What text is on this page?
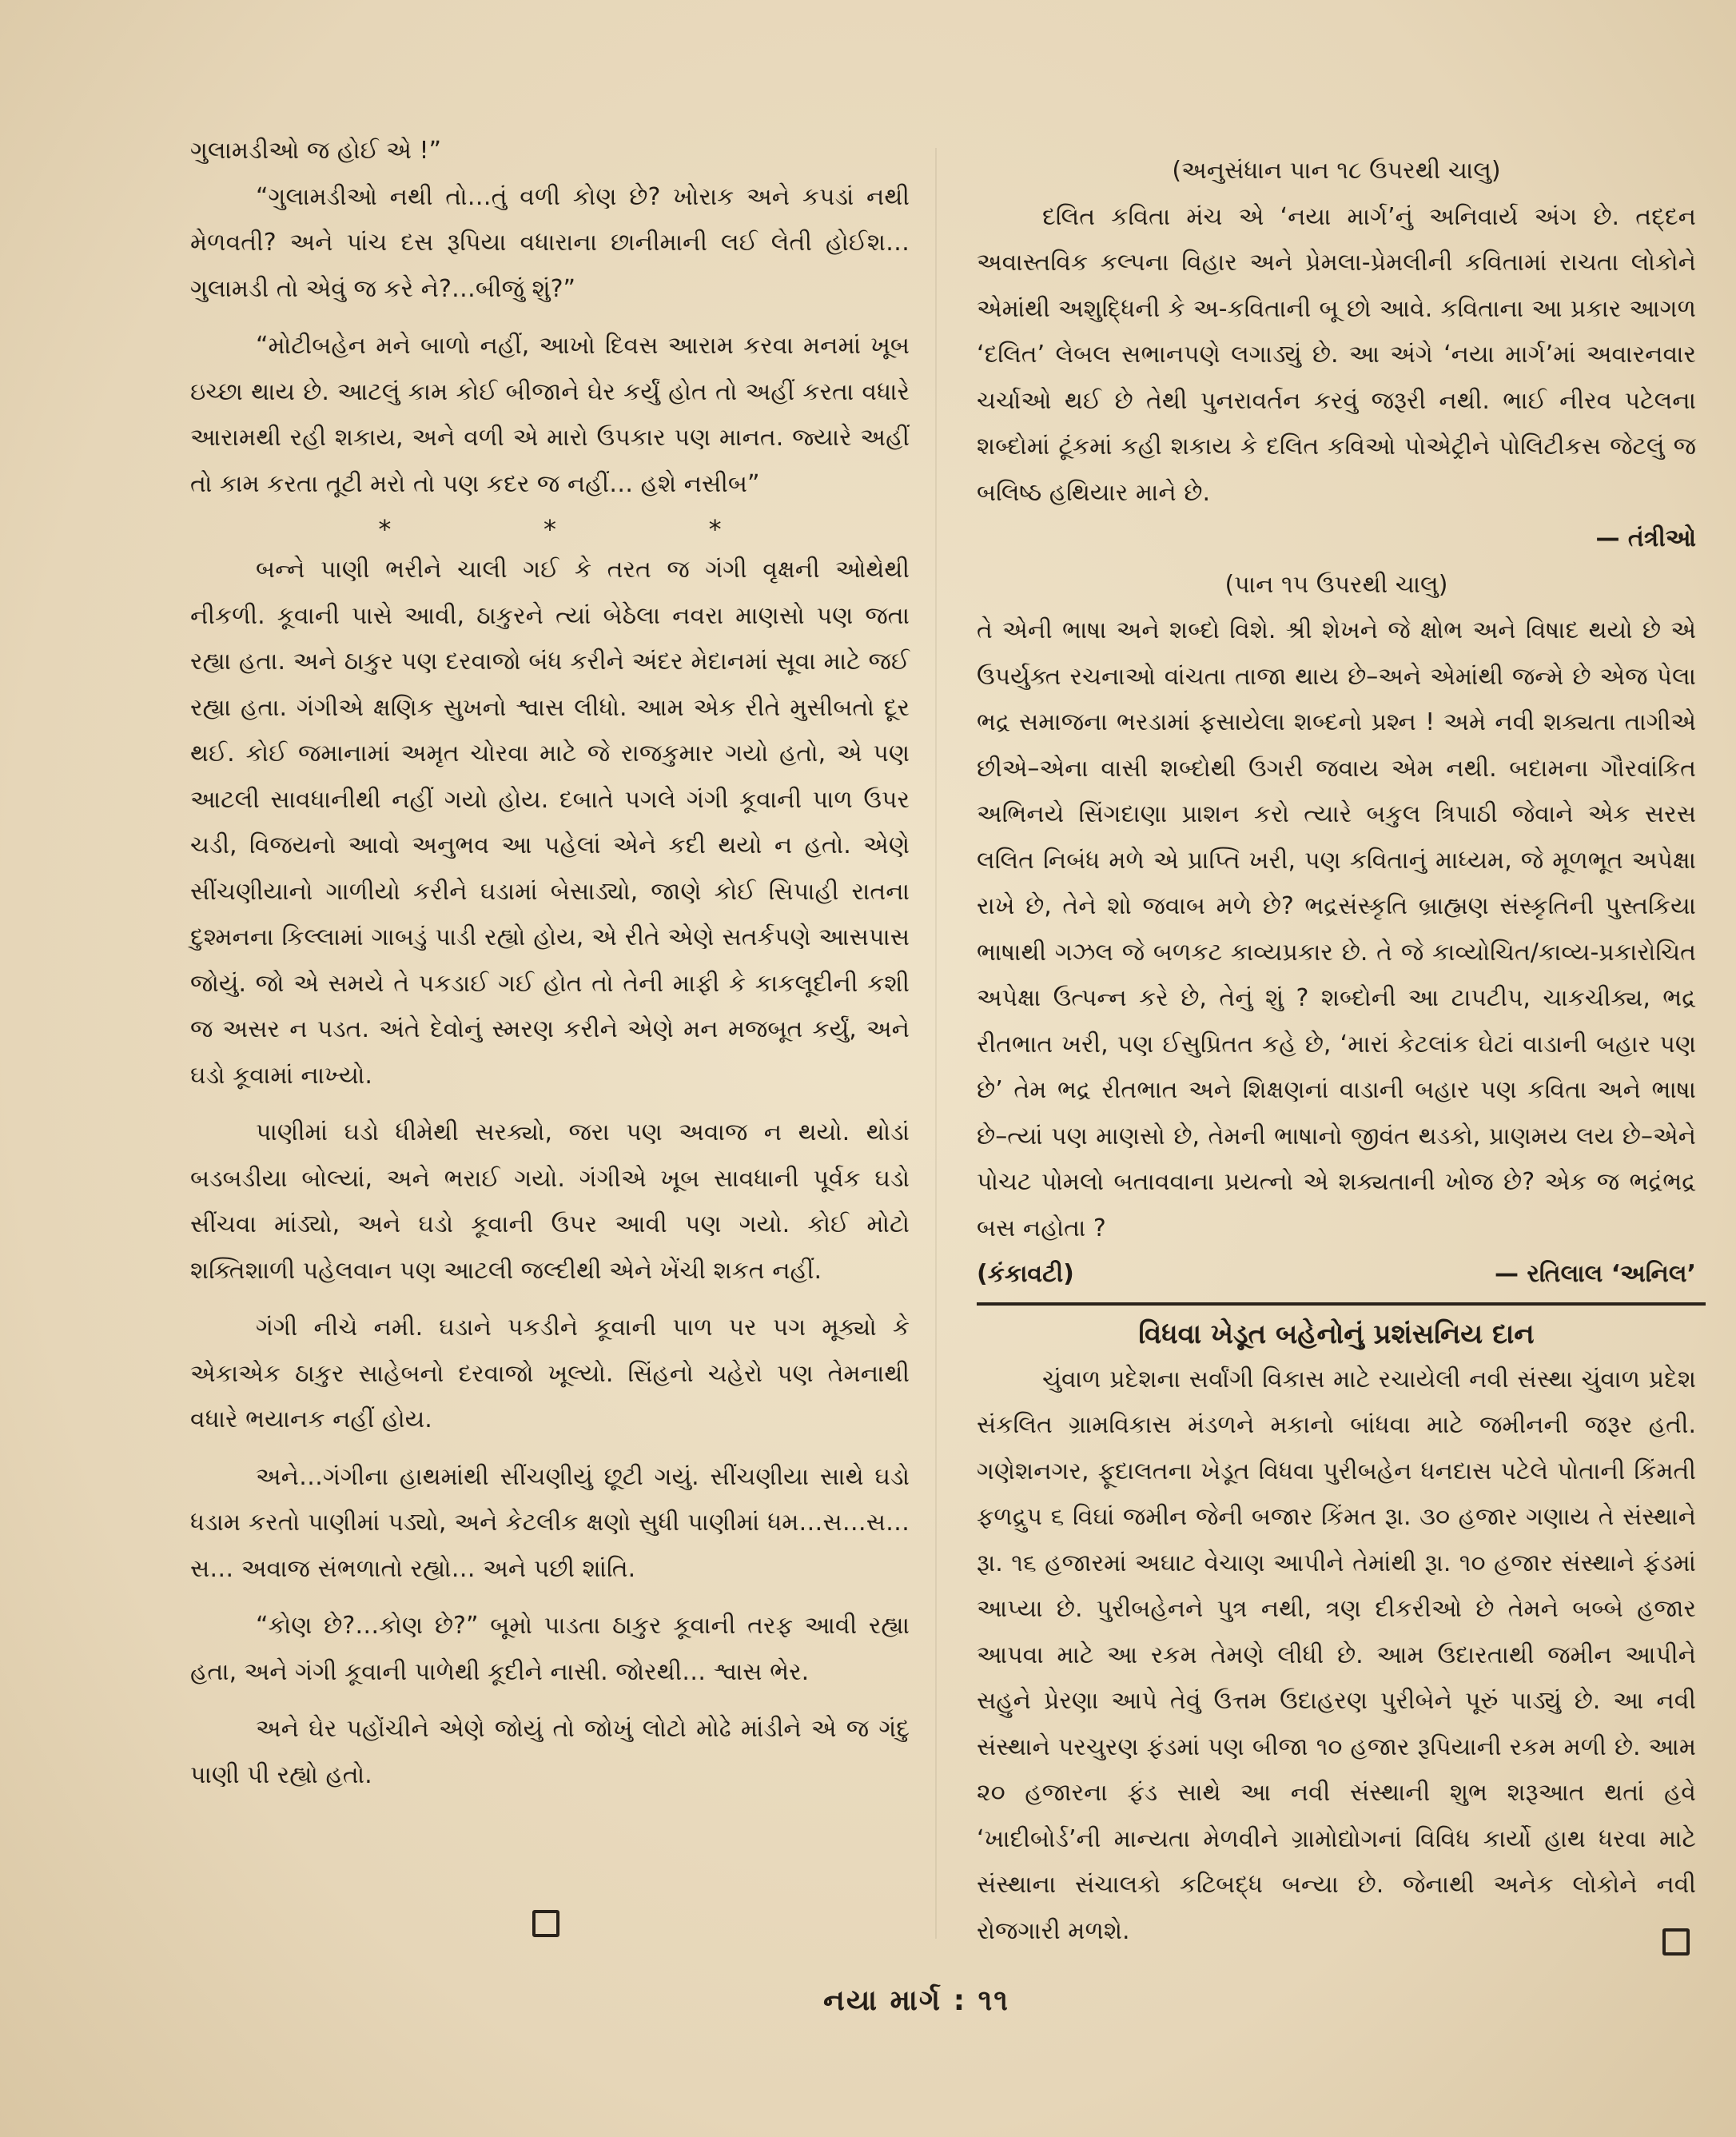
ગુલામડીઓ જ હોઈ એ !”

“ગુલામડીઓ નથી તો…તું વળી કોણ છે? ખોરાક અને કપડાં નથી મેળવતી? અને પાંચ દસ રૂપિયા વધારાના છાનીમાની લઈ લેતી હોઈશ…ગુલામડી તો એવું જ કરે ને?…બીજું શું?”

“મોટીબહેન મને બાળો નહીં, આખો દિવસ આરામ કરવા મનમાં ખૂબ ઇચ્છા થાય છે. આટલું કામ કોઈ બીજાને ઘેર કર્યું હોત તો અહીં કરતા વધારે આરામથી રહી શકાય, અને વળી એ મારો ઉપકાર પણ માનત. જ્યારે અહીં તો કામ કરતા તૂટી મરો તો પણ કદર જ નહીં… હશે નસીબ”

*	*	*

બન્ને પાણી ભરીને ચાલી ગઈ કે તરત જ ગંગી વૃક્ષની ઓથેથી નીકળી. કૂવાની પાસે આવી, ઠાકુરને ત્યાં બેઠેલા નવરા માણસો પણ જતા રહ્યા હતા. અને ઠાકુર પણ દરવાજો બંધ કરીને અંદર મેદાનમાં સૂવા માટે જઈ રહ્યા હતા. ગંગીએ ક્ષણિક સુખનો શ્વાસ લીધો. આમ એક રીતે મુસીબતો દૂર થઈ. કોઈ જમાનામાં અમૃત ચોરવા માટે જે રાજકુમાર ગયો હતો, એ પણ આટલી સાવધાનીથી નહીં ગયો હોય. દબાતે પગલે ગંગી કૂવાની પાળ ઉપર ચડી, વિજયનો આવો અનુભવ આ પહેલાં એને કદી થયો ન હતો. એણે સીંચણીયાનો ગાળીયો કરીને ઘડામાં બેસાડ્યો, જાણે કોઈ સિપાહી રાતના દુશ્મનના કિલ્લામાં ગાબડું પાડી રહ્યો હોય, એ રીતે એણે સતર્કપણે આસપાસ જોયું. જો એ સમયે તે પકડાઈ ગઈ હોત તો તેની માફી કે કાકલૂદીની કશી જ અસર ન પડત. અંતે દેવોનું સ્મરણ કરીને એણે મન મજબૂત કર્યું, અને ઘડો કૂવામાં નાખ્યો.

પાણીમાં ઘડો ધીમેથી સરક્યો, જરા પણ અવાજ ન થયો. થોડાં બડબડીયા બોલ્યાં, અને ભરાઈ ગયો. ગંગીએ ખૂબ સાવધાની પૂર્વક ઘડો સીંચવા માંડ્યો, અને ઘડો કૂવાની ઉપર આવી પણ ગયો. કોઈ મોટો શક્તિશાળી પહેલવાન પણ આટલી જલ્દીથી એને ખેંચી શકત નહીં.

ગંગી નીચે નમી. ઘડાને પકડીને કૂવાની પાળ પર પગ મૂક્યો કે એકાએક ઠાકુર સાહેબનો દરવાજો ખૂલ્યો. સિંહનો ચહેરો પણ તેમનાથી વધારે ભયાનક નહીં હોય.

અને…ગંગીના હાથમાંથી સીંચણીયું છૂટી ગયું. સીંચણીયા સાથે ઘડો ધડામ કરતો પાણીમાં પડ્યો, અને કેટલીક ક્ષણો સુધી પાણીમાં ધમ…સ…સ…સ… અવાજ સંભળાતો રહ્યો… અને પછી શાંતિ.

“કોણ છે?…કોણ છે?” બૂમો પાડતા ઠાકુર કૂવાની તરફ આવી રહ્યા હતા, અને ગંગી કૂવાની પાળેથી કૂદીને નાસી. જોરથી… શ્વાસ ભેર.

અને ઘેર પહોંચીને એણે જોયું તો જોખું લોટો મોઢે માંડીને એ જ ગંદુ પાણી પી રહ્યો હતો.

(અનુસંધાન પાન ૧૮ ઉપરથી ચાલુ)

દલિત કવિતા મંચ એ ‘નયા માર્ગ’નું અનિવાર્ય અંગ છે. તદ્દન અવાસ્તવિક કલ્પના વિહાર અને પ્રેમલા-પ્રેમલીની કવિતામાં રાચતા લોકોને એમાંથી અશુદ્ધિની કે અ-કવિતાની બૂ છો આવે. કવિતાના આ પ્રકાર આગળ ‘દલિત’ લેબલ સભાનપણે લગાડ્યું છે. આ અંગે ‘નયા માર્ગ’માં અવારનવાર ચર્ચાઓ થઈ છે તેથી પુનરાવર્તન કરવું જરૂરી નથી. ભાઈ નીરવ પટેલના શબ્દોમાં ટૂંકમાં કહી શકાય કે દલિત કવિઓ પોએટ્રીને પોલિટીકસ જેટલું જ બલિષ્ઠ હથિયાર માને છે.

— તંત્રીઓ

(પાન ૧૫ ઉપરથી ચાલુ)

તે એની ભાષા અને શબ્દો વિશે. શ્રી શેખને જે ક્ષોભ અને વિષાદ થયો છે એ ઉપર્યુક્ત રચનાઓ વાંચતા તાજા થાય છે–અને એમાંથી જન્મે છે એજ પેલા ભદ્ર સમાજના ભરડામાં ફસાયેલા શબ્દનો પ્રશ્ન ! અમે નવી શક્યતા તાગીએ છીએ–એના વાસી શબ્દોથી ઉગરી જવાય એમ નથી. બદામના ગૌરવાંકિત અભિનયે સિંગદાણા પ્રાશન કરો ત્યારે બકુલ ત્રિપાઠી જેવાને એક સરસ લલિત નિબંધ મળે એ પ્રાપ્તિ ખરી, પણ કવિતાનું માધ્યમ, જે મૂળભૂત અપેક્ષા રાખે છે, તેને શો જવાબ મળે છે? ભદ્રસંસ્કૃતિ બ્રાહ્મણ સંસ્કૃતિની પુસ્તકિયા ભાષાથી ગઝલ જે બળકટ કાવ્યપ્રકાર છે. તે જે કાવ્યોચિત/કાવ્ય-પ્રકારોચિત અપેક્ષા ઉત્પન્ન કરે છે, તેનું શું ? શબ્દોની આ ટાપટીપ, ચાકચીક્ય, ભદ્ર રીતભાત ખરી, પણ ઈસુપ્રિતત કહે છે, ‘મારાં કેટલાંક ઘેટાં વાડાની બહાર પણ છે’ તેમ ભદ્ર રીતભાત અને શિક્ષણનાં વાડાની બહાર પણ કવિતા અને ભાષા છે–ત્યાં પણ માણસો છે, તેમની ભાષાનો જીવંત થડકો, પ્રાણમય લય છે–એને પોચટ પોમલો બતાવવાના પ્રયત્નો એ શક્યતાની ખોજ છે? એક જ ભદ્રંભદ્ર બસ નહોતા ?

(કંકાવટી)	— રતિલાલ ‘અનિલ’

વિધવા ખેડૂત બહેનોનું પ્રશંસનિય દાન

ચુંવાળ પ્રદેશના સર્વાંગી વિકાસ માટે રચાયેલી નવી સંસ્થા ચુંવાળ પ્રદેશ સંકલિત ગ્રામવિકાસ મંડળને મકાનો બાંધવા માટે જમીનની જરૂર હતી. ગણેશનગર, ફૂદાલતના ખેડૂત વિધવા પુરીબહેન ધનદાસ પટેલે પોતાની કિંમતી ફળદ્રુપ ૬ વિઘાં જમીન જેની બજાર કિંમત રૂા. ૩૦ હજાર ગણાય તે સંસ્થાને રૂા. ૧૬ હજારમાં અઘાટ વેચાણ આપીને તેમાંથી રૂા. ૧૦ હજાર સંસ્થાને ફંડમાં આપ્યા છે. પુરીબહેનને પુત્ર નથી, ત્રણ દીકરીઓ છે તેમને બબ્બે હજાર આપવા માટે આ રકમ તેમણે લીધી છે. આમ ઉદારતાથી જમીન આપીને સહુને પ્રેરણા આપે તેવું ઉત્તમ ઉદાહરણ પુરીબેને પૂરું પાડ્યું છે. આ નવી સંસ્થાને પરચુરણ ફંડમાં પણ બીજા ૧૦ હજાર રૂપિયાની રકમ મળી છે. આમ ૨૦ હજારના ફંડ સાથે આ નવી સંસ્થાની શુભ શરૂઆત થતાં હવે ‘ખાદીબોર્ડ’ની માન્યતા મેળવીને ગ્રામોદ્યોગનાં વિવિધ કાર્યો હાથ ધરવા માટે સંસ્થાના સંચાલકો કટિબદ્ધ બન્યા છે. જેનાથી અનેક લોકોને નવી રોજગારી મળશે.

નયા માર્ગ : ૧૧
